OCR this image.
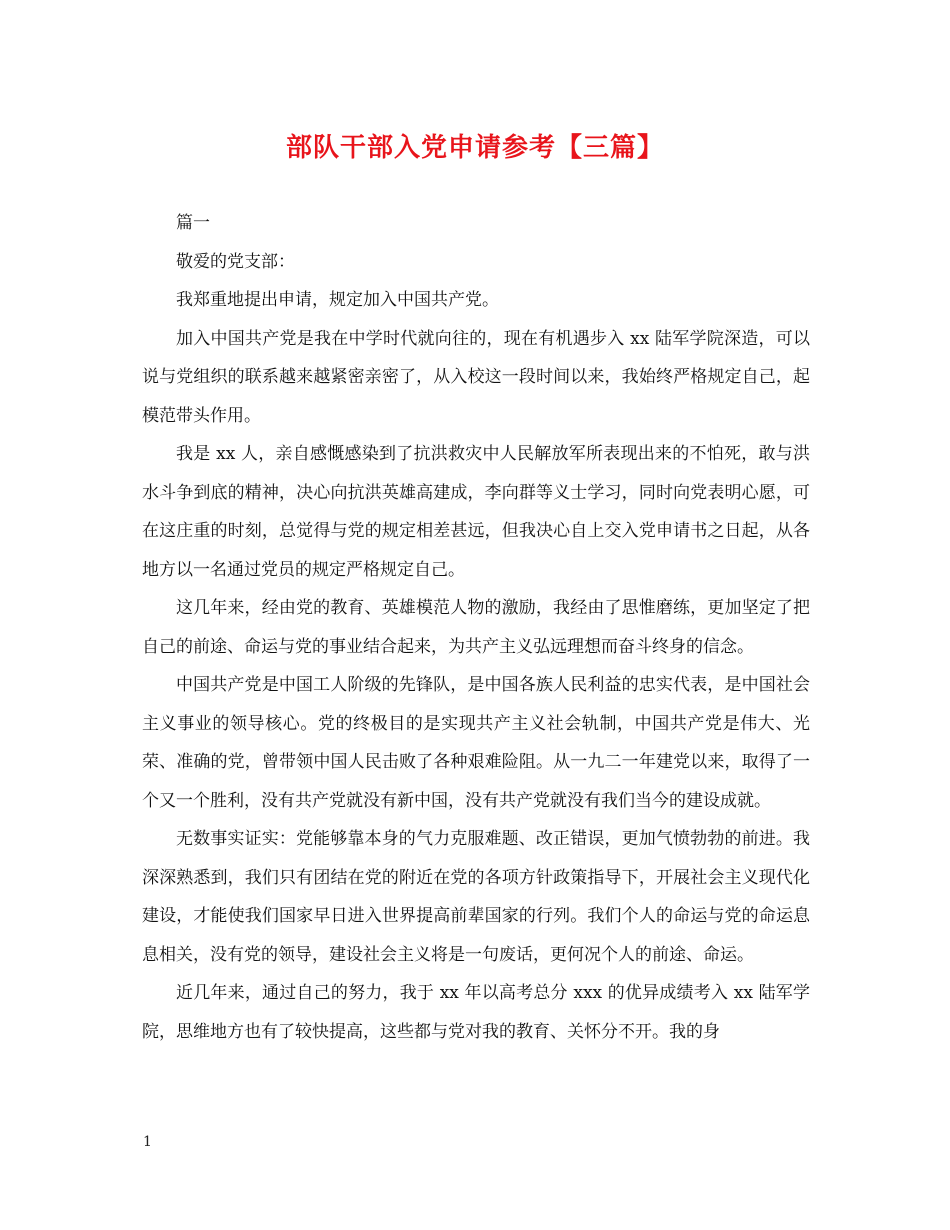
部队干部入党申请参考【三篇】

篇一

敬爱的党支部：

我郑重地提出申请，规定加入中国共产党。

加入中国共产党是我在中学时代就向往的，现在有机遇步入 xx 陆军学院深造，可以说与党组织的联系越来越紧密亲密了，从入校这一段时间以来，我始终严格规定自己，起模范带头作用。

我是 xx 人，亲自感慨感染到了抗洪救灾中人民解放军所表现出来的不怕死，敢与洪水斗争到底的精神，决心向抗洪英雄高建成，李向群等义士学习，同时向党表明心愿，可在这庄重的时刻，总觉得与党的规定相差甚远，但我决心自上交入党申请书之日起，从各地方以一名通过党员的规定严格规定自己。

这几年来，经由党的教育、英雄模范人物的激励，我经由了思惟磨练，更加坚定了把自己的前途、命运与党的事业结合起来，为共产主义弘远理想而奋斗终身的信念。

中国共产党是中国工人阶级的先锋队，是中国各族人民利益的忠实代表，是中国社会主义事业的领导核心。党的终极目的是实现共产主义社会轨制，中国共产党是伟大、光荣、准确的党，曾带领中国人民击败了各种艰难险阻。从一九二一年建党以来，取得了一个又一个胜利，没有共产党就没有新中国，没有共产党就没有我们当今的建设成就。

无数事实证实：党能够靠本身的气力克服难题、改正错误，更加气愤勃勃的前进。我深深熟悉到，我们只有团结在党的附近在党的各项方针政策指导下，开展社会主义现代化建设，才能使我们国家早日进入世界提高前辈国家的行列。我们个人的命运与党的命运息息相关，没有党的领导，建设社会主义将是一句废话，更何况个人的前途、命运。

近几年来，通过自己的努力，我于 xx 年以高考总分 xxx 的优异成绩考入 xx 陆军学院，思维地方也有了较快提高，这些都与党对我的教育、关怀分不开。我的身

1
